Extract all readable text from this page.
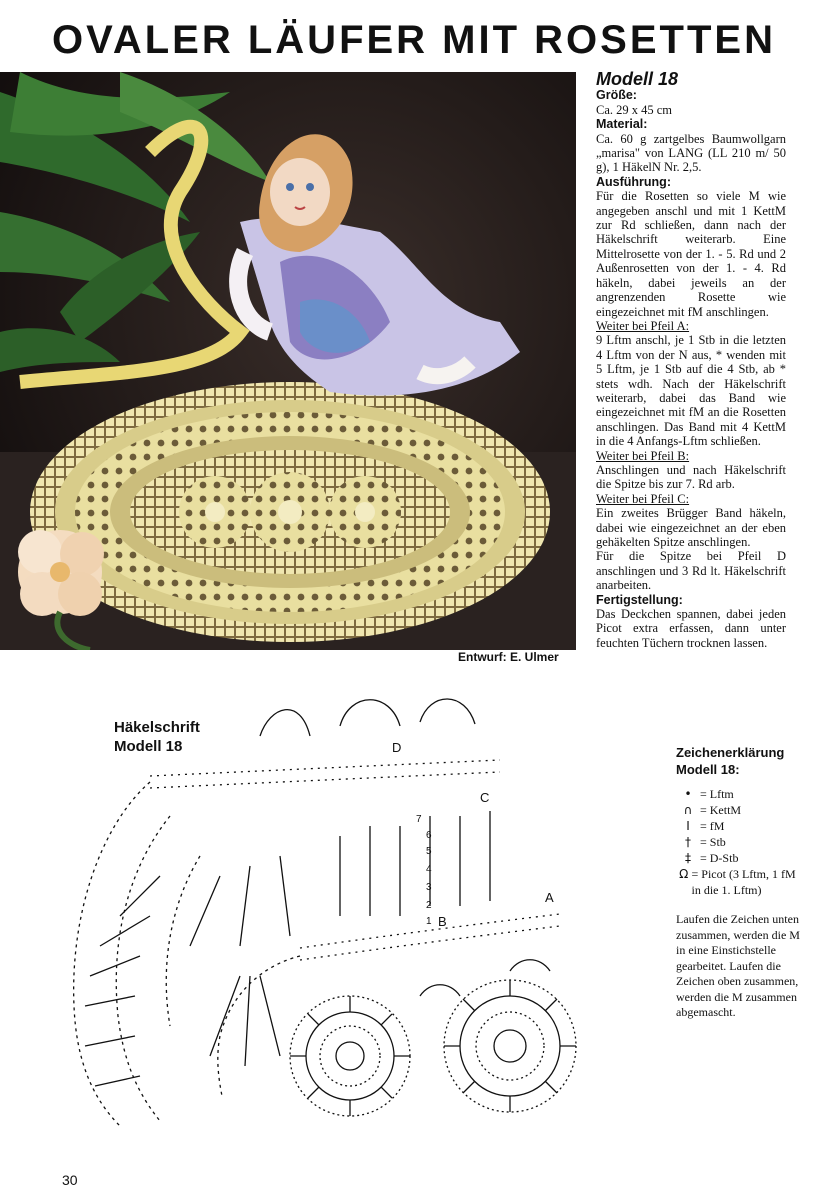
OVALER LÄUFER MIT ROSETTEN
Entwurf: E. Ulmer
Modell 18
Größe:

Ca. 29 x 45 cm

Material:

Ca. 60 g zartgelbes Baumwollgarn „marisa" von LANG (LL 210 m/ 50 g), 1 HäkelN Nr. 2,5.

Ausführung:

Für die Rosetten so viele M wie angegeben anschl und mit 1 KettM zur Rd schließen, dann nach der Häkelschrift weiterarb. Eine Mittelrosette von der 1. - 5. Rd und 2 Außenrosetten von der 1. - 4. Rd häkeln, dabei jeweils an der angrenzenden Rosette wie eingezeichnet mit fM anschlingen.

Weiter bei Pfeil A:

9 Lftm anschl, je 1 Stb in die letzten 4 Lftm von der N aus, * wenden mit 5 Lftm, je 1 Stb auf die 4 Stb, ab * stets wdh. Nach der Häkelschrift weiterarb, dabei das Band wie eingezeichnet mit fM an die Rosetten anschlingen. Das Band mit 4 KettM in die 4 Anfangs-Lftm schließen.

Weiter bei Pfeil B:

Anschlingen und nach Häkelschrift die Spitze bis zur 7. Rd arb.

Weiter bei Pfeil C:

Ein zweites Brügger Band häkeln, dabei wie eingezeichnet an der eben gehäkelten Spitze anschlingen.

Für die Spitze bei Pfeil D anschlingen und 3 Rd lt. Häkelschrift anarbeiten.

Fertigstellung:

Das Deckchen spannen, dabei jeden Picot extra erfassen, dann unter feuchten Tüchern trocknen lassen.

Häkelschrift
Modell 18
A
B
C
D
1
2
3
4
5
6
7
Zeichenerklärung
Modell 18:
• = Lftm
∩ = KettM
I = fM
† = Stb
‡ = D-Stb
Ω = Picot (3 Lftm, 1 fM in die 1. Lftm)
Laufen die Zeichen unten zusammen, werden die M in eine Einstichstelle gearbeitet. Laufen die Zeichen oben zusammen, werden die M zusammen abgemascht.
30
